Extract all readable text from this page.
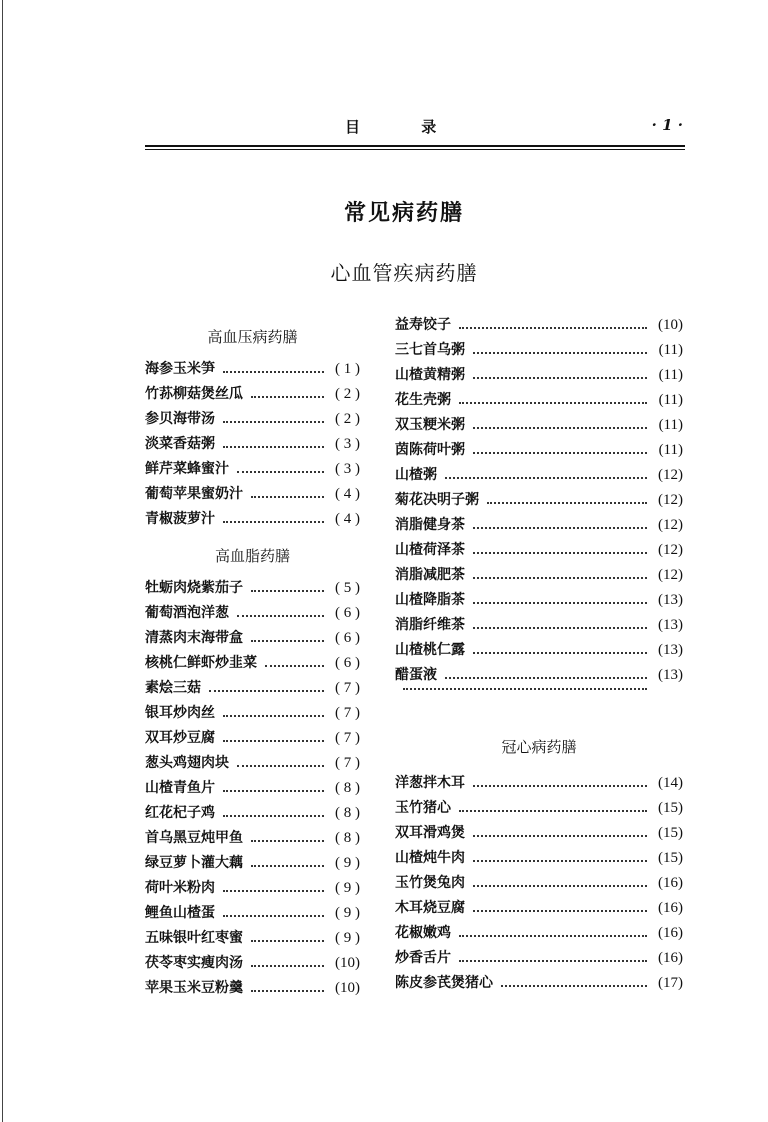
目 录	· 1 ·
常见病药膳
心血管疾病药膳
高血压病药膳
海参玉米笋	( 1 )
竹荪柳菇煲丝瓜	( 2 )
参贝海带汤	( 2 )
淡菜香菇粥	( 3 )
鲜芹菜蜂蜜汁	( 3 )
葡萄苹果蜜奶汁	( 4 )
青椒菠萝汁	( 4 )
高血脂药膳
牡蛎肉烧紫茄子	( 5 )
葡萄酒泡洋葱	( 6 )
清蒸肉末海带盒	( 6 )
核桃仁鲜虾炒韭菜	( 6 )
素烩三菇	( 7 )
银耳炒肉丝	( 7 )
双耳炒豆腐	( 7 )
葱头鸡翅肉块	( 7 )
山楂青鱼片	( 8 )
红花杞子鸡	( 8 )
首乌黑豆炖甲鱼	( 8 )
绿豆萝卜灌大藕	( 9 )
荷叶米粉肉	( 9 )
鲤鱼山楂蛋	( 9 )
五味银叶红枣蜜	( 9 )
茯苓枣实瘦肉汤	(10)
苹果玉米豆粉羹	(10)
益寿饺子	(10)
三七首乌粥	(11)
山楂黄精粥	(11)
花生壳粥	(11)
双玉粳米粥	(11)
茵陈荷叶粥	(11)
山楂粥	(12)
菊花决明子粥	(12)
消脂健身茶	(12)
山楂荷泽茶	(12)
消脂减肥茶	(12)
山楂降脂茶	(13)
消脂纤维茶	(13)
山楂桃仁露	(13)
醋蛋液	(13)
冠心病药膳
洋葱拌木耳	(14)
玉竹猪心	(15)
双耳滑鸡煲	(15)
山楂炖牛肉	(15)
玉竹煲兔肉	(16)
木耳烧豆腐	(16)
花椒嫩鸡	(16)
炒香舌片	(16)
陈皮参芪煲猪心	(17)
